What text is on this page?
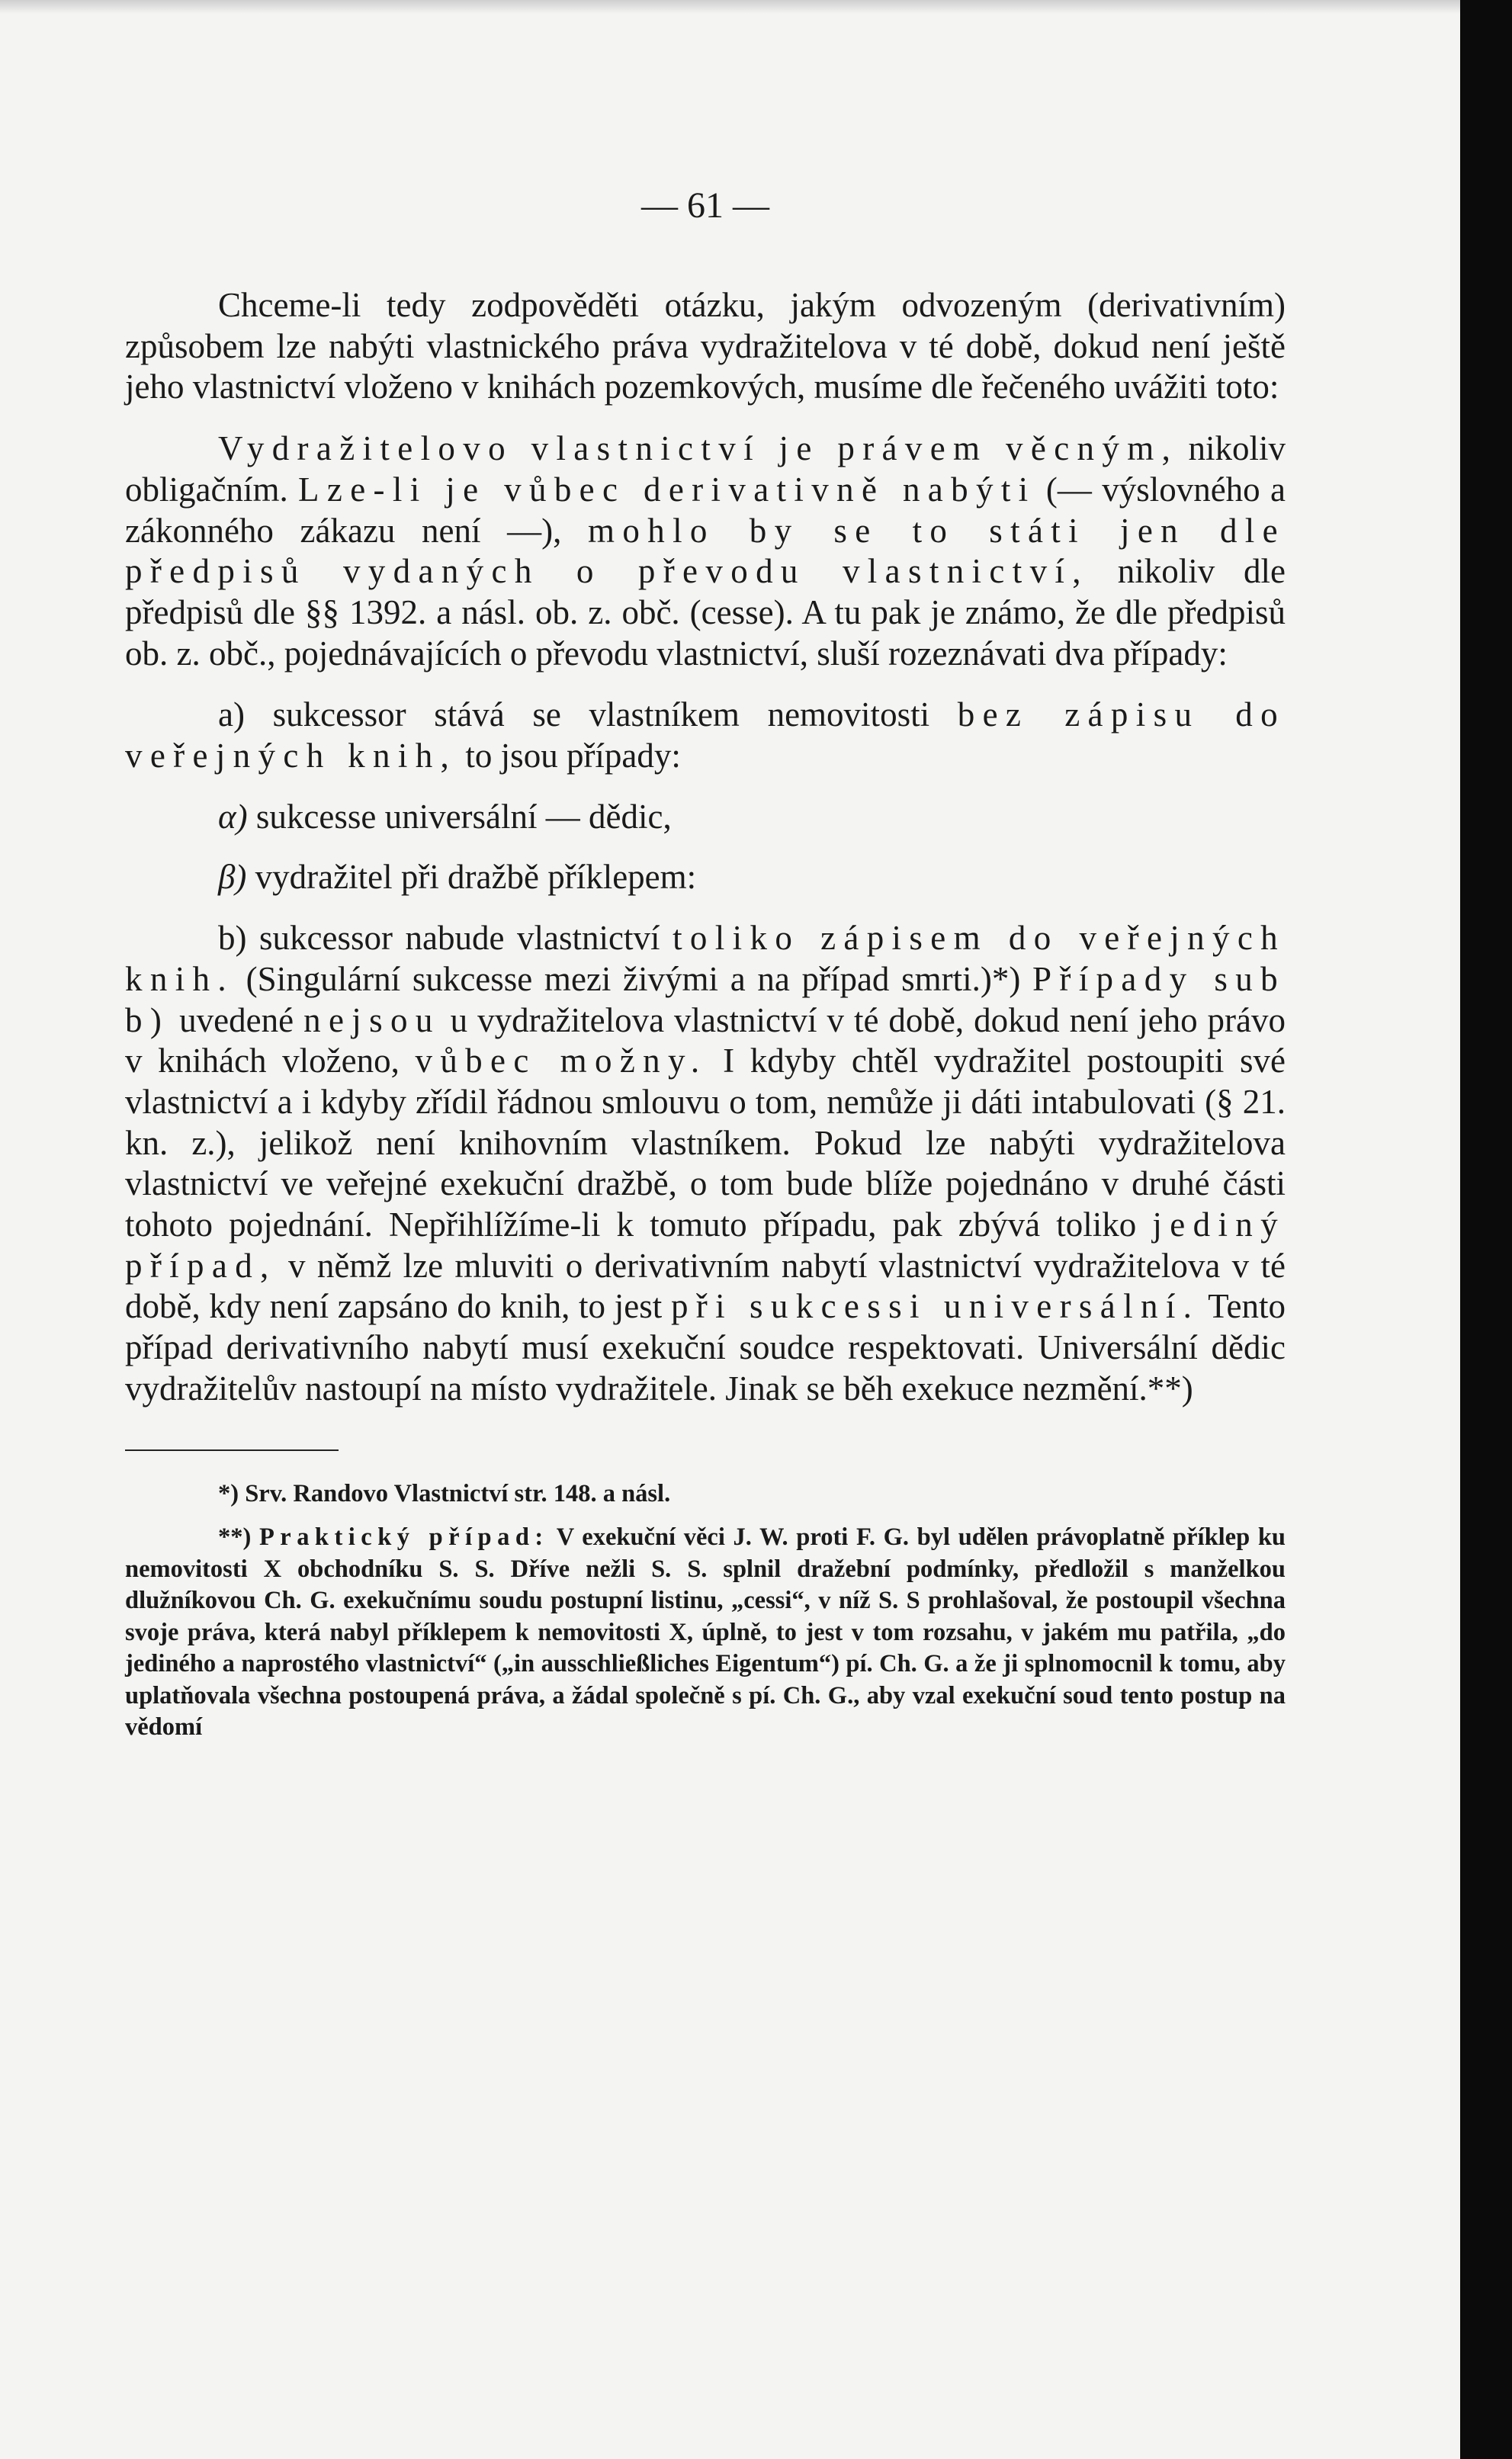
— 61 —

Chceme-li tedy zodpověděti otázku, jakým odvozeným (derivativním) způsobem lze nabýti vlastnického práva vydražitelova v té době, dokud není ještě jeho vlastnictví vloženo v knihách pozemkových, musíme dle řečeného uvážiti toto:

Vydražitelovo vlastnictví je právem věcným, nikoliv obligačním. Lze-li je vůbec derivativně nabýti (— výslovného a zákonného zákazu není —), mohlo by se to státi jen dle předpisů vydaných o převodu vlastnictví, nikoliv dle předpisů dle §§ 1392. a násl. ob. z. obč. (cesse). A tu pak je známo, že dle předpisů ob. z. obč., pojednávajících o převodu vlastnictví, sluší rozeznávati dva případy:

a) sukcessor stává se vlastníkem nemovitosti bez zápisu do veřejných knih, to jsou případy:

α) sukcesse universální — dědic,

β) vydražitel při dražbě příklepem:

b) sukcessor nabude vlastnictví toliko zápisem do veřejných knih. (Singulární sukcesse mezi živými a na případ smrti.)*) Případy sub b) uvedené nejsou u vydražitelova vlastnictví v té době, dokud není jeho právo v knihách vloženo, vůbec možny. I kdyby chtěl vydražitel postoupiti své vlastnictví a i kdyby zřídil řádnou smlouvu o tom, nemůže ji dáti intabulovati (§ 21. kn. z.), jelikož není knihovním vlastníkem. Pokud lze nabýti vydražitelova vlastnictví ve veřejné exekuční dražbě, o tom bude blíže pojednáno v druhé části tohoto pojednání. Nepřihlížíme-li k tomuto případu, pak zbývá toliko jediný případ, v němž lze mluviti o derivativním nabytí vlastnictví vydražitelova v té době, kdy není zapsáno do knih, to jest při sukcessi universální. Tento případ derivativního nabytí musí exekuční soudce respektovati. Universální dědic vydražitelův nastoupí na místo vydražitele. Jinak se běh exekuce nezmění.**)

*) Srv. Randovo Vlastnictví str. 148. a násl.

**) Praktický případ: V exekuční věci J. W. proti F. G. byl udělen právoplatně příklep ku nemovitosti X obchodníku S. S. Dříve nežli S. S. splnil dražební podmínky, předložil s manželkou dlužníkovou Ch. G. exekučnímu soudu postupní listinu, „cessi“, v níž S. S prohlašoval, že postoupil všechna svoje práva, která nabyl příklepem k nemovitosti X, úplně, to jest v tom rozsahu, v jakém mu patřila, „do jediného a naprostého vlastnictví“ („in ausschließliches Eigentum“) pí. Ch. G. a že ji splnomocnil k tomu, aby uplatňovala všechna postoupená práva, a žádal společně s pí. Ch. G., aby vzal exekuční soud tento postup na vědomí
